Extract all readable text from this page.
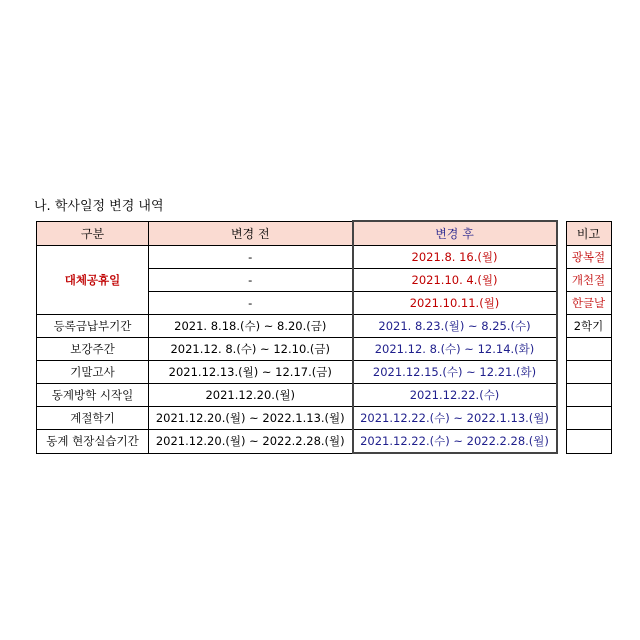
나. 학사일정 변경 내역
구분	변경 전	변경 후		비고
대체공휴일	-	2021.8. 16.(월)		광복절
	-	2021.10. 4.(월)		개천절
	-	2021.10.11.(월)		한글날
등록금납부기간	2021. 8.18.(수) ~ 8.20.(금)	2021. 8.23.(월) ~ 8.25.(수)		2학기
보강주간	2021.12. 8.(수) ~ 12.10.(금)	2021.12. 8.(수) ~ 12.14.(화)		
기말고사	2021.12.13.(월) ~ 12.17.(금)	2021.12.15.(수) ~ 12.21.(화)		
동계방학 시작일	2021.12.20.(월)	2021.12.22.(수)		
계절학기	2021.12.20.(월) ~ 2022.1.13.(월)	2021.12.22.(수) ~ 2022.1.13.(월)		
동계 현장실습기간	2021.12.20.(월) ~ 2022.2.28.(월)	2021.12.22.(수) ~ 2022.2.28.(월)		
